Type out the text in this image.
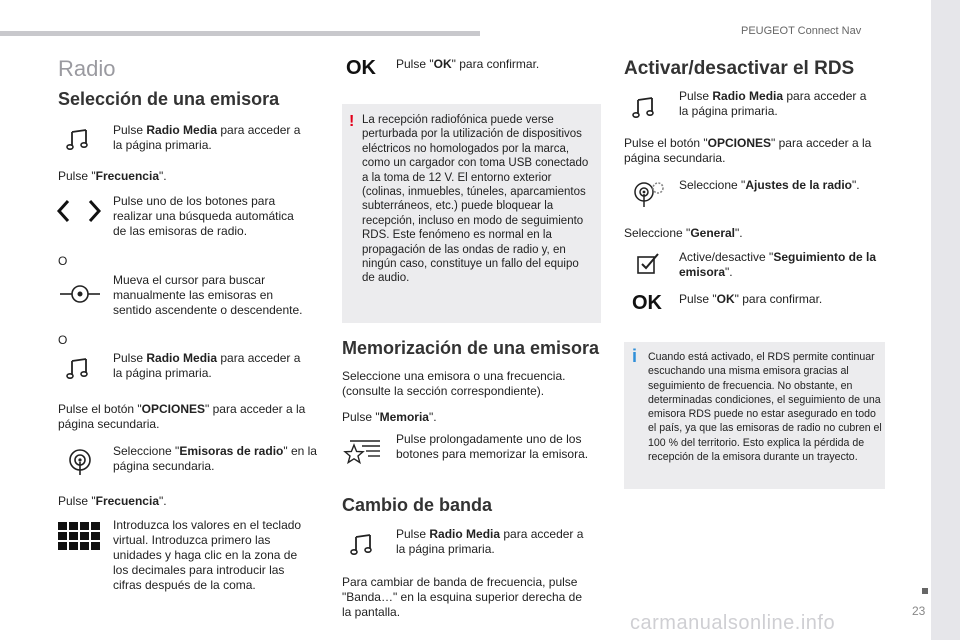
PEUGEOT Connect Nav
23
carmanualsonline.info
Radio
Selección de una emisora
Pulse Radio Media para acceder a la página primaria.
Pulse "Frecuencia".
Pulse uno de los botones para realizar una búsqueda automática de las emisoras de radio.
O
Mueva el cursor para buscar manualmente las emisoras en sentido ascendente o descendente.
O
Pulse Radio Media para acceder a la página primaria.
Pulse el botón "OPCIONES" para acceder a la página secundaria.
Seleccione "Emisoras de radio" en la página secundaria.
Pulse "Frecuencia".
Introduzca los valores en el teclado virtual. Introduzca primero las unidades y haga clic en la zona de los decimales para introducir las cifras después de la coma.
OK Pulse "OK" para confirmar.
! La recepción radiofónica puede verse perturbada por la utilización de dispositivos eléctricos no homologados por la marca, como un cargador con toma USB conectado a la toma de 12 V. El entorno exterior (colinas, inmuebles, túneles, aparcamientos subterráneos, etc.) puede bloquear la recepción, incluso en modo de seguimiento RDS. Este fenómeno es normal en la propagación de las ondas de radio y, en ningún caso, constituye un fallo del equipo de audio.
Memorización de una emisora
Seleccione una emisora o una frecuencia. (consulte la sección correspondiente).
Pulse "Memoria".
Pulse prolongadamente uno de los botones para memorizar la emisora.
Cambio de banda
Pulse Radio Media para acceder a la página primaria.
Para cambiar de banda de frecuencia, pulse "Banda…" en la esquina superior derecha de la pantalla.
Activar/desactivar el RDS
Pulse Radio Media para acceder a la página primaria.
Pulse el botón "OPCIONES" para acceder a la página secundaria.
Seleccione "Ajustes de la radio".
Seleccione "General".
Active/desactive "Seguimiento de la emisora".
OK Pulse "OK" para confirmar.
i Cuando está activado, el RDS permite continuar escuchando una misma emisora gracias al seguimiento de frecuencia. No obstante, en determinadas condiciones, el seguimiento de una emisora RDS puede no estar asegurado en todo el país, ya que las emisoras de radio no cubren el 100 % del territorio. Esto explica la pérdida de recepción de la emisora durante un trayecto.
